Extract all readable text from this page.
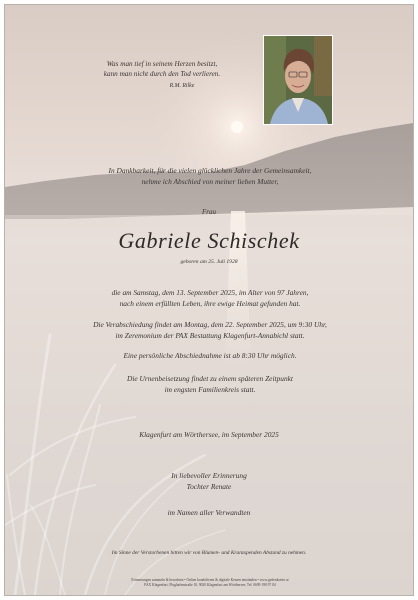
Was man tief in seinem Herzen besitzt,
kann man nicht durch den Tod verlieren.
R.M. Rilke
In Dankbarkeit, für die vielen glücklichen Jahre der Gemeinsamkeit,
nehme ich Abschied von meiner lieben Mutter,
Frau
Gabriele Schischek
geboren am 25. Juli 1928
die am Samstag, dem 13. September 2025, im Alter von 97 Jahren,
nach einem erfüllten Leben, ihre ewige Heimat gefunden hat.
Die Verabschiedung findet am Montag, dem 22. September 2025, um 9:30 Uhr,
im Zeremonium der PAX Bestattung Klagenfurt-Annabichl statt.
Eine persönliche Abschiednahme ist ab 8:30 Uhr möglich.
Die Urnenbeisetzung findet zu einem späteren Zeitpunkt
im engsten Familienkreis statt.
Klagenfurt am Wörthersee, im September 2025
In liebevoller Erinnerung
Tochter Renate
im Namen aller Verwandten
Im Sinne der Verstorbenen bitten wir von Blumen- und Kranzspenden Abstand zu nehmen.
Erinnerungen sammeln & bewahren • Online kondolieren & digitale Kerzen entzünden • www.gedenkseite.at
PAX Klagenfurt, Flughafenstraße 10, 9020 Klagenfurt am Wörthersee, Tel. 0699 190 97 04
